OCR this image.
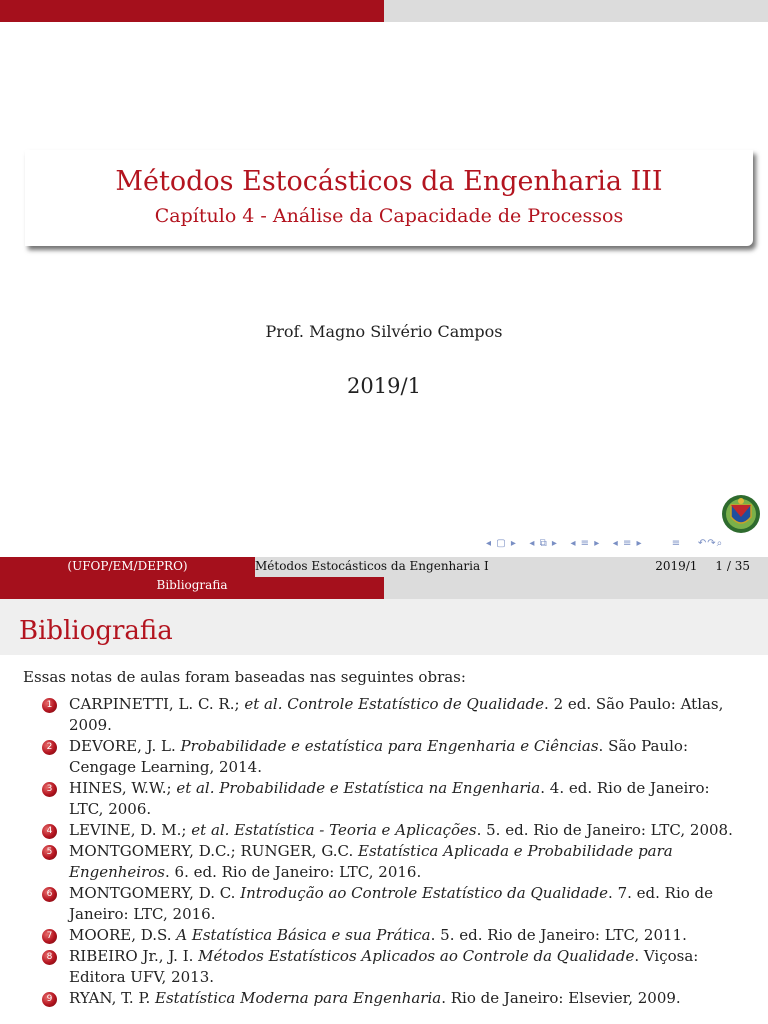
Métodos Estocásticos da Engenharia III
Capítulo 4 - Análise da Capacidade de Processos
Prof. Magno Silvério Campos
2019/1
◂ ▢ ▸   ◂ ⧉ ▸   ◂ ≡ ▸   ◂ ≡ ▸       ≡    ↶↷⌕
(UFOP/EM/DEPRO)	Métodos Estocásticos da Engenharia I	2019/1 1 / 35
Bibliografia
Bibliografia
Essas notas de aulas foram baseadas nas seguintes obras:
1	CARPINETTI, L. C. R.; et al. Controle Estatístico de Qualidade. 2 ed. São Paulo: Atlas, 2009.
2	DEVORE, J. L. Probabilidade e estatística para Engenharia e Ciências. São Paulo: Cengage Learning, 2014.
3	HINES, W.W.; et al. Probabilidade e Estatística na Engenharia. 4. ed. Rio de Janeiro: LTC, 2006.
4	LEVINE, D. M.; et al. Estatística - Teoria e Aplicações. 5. ed. Rio de Janeiro: LTC, 2008.
5	MONTGOMERY, D.C.; RUNGER, G.C. Estatística Aplicada e Probabilidade para Engenheiros. 6. ed. Rio de Janeiro: LTC, 2016.
6	MONTGOMERY, D. C. Introdução ao Controle Estatístico da Qualidade. 7. ed. Rio de Janeiro: LTC, 2016.
7	MOORE, D.S. A Estatística Básica e sua Prática. 5. ed. Rio de Janeiro: LTC, 2011.
8	RIBEIRO Jr., J. I. Métodos Estatísticos Aplicados ao Controle da Qualidade. Viçosa: Editora UFV, 2013.
9	RYAN, T. P. Estatística Moderna para Engenharia. Rio de Janeiro: Elsevier, 2009.
